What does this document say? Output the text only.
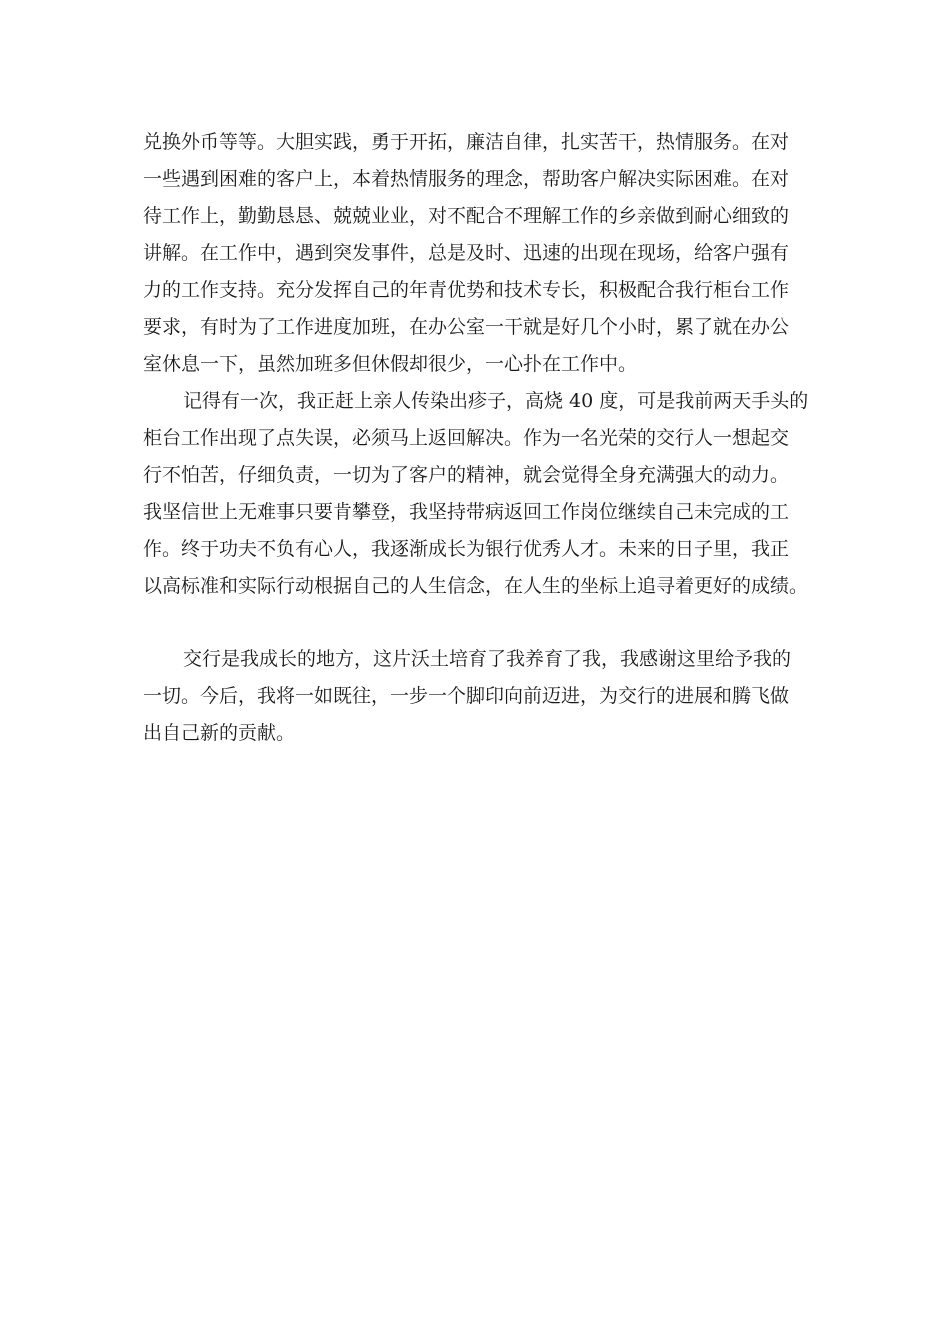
兑换外币等等。大胆实践，勇于开拓，廉洁自律，扎实苦干，热情服务。在对
一些遇到困难的客户上，本着热情服务的理念，帮助客户解决实际困难。在对
待工作上，勤勤恳恳、兢兢业业，对不配合不理解工作的乡亲做到耐心细致的
讲解。在工作中，遇到突发事件，总是及时、迅速的出现在现场，给客户强有
力的工作支持。充分发挥自己的年青优势和技术专长，积极配合我行柜台工作
要求，有时为了工作进度加班，在办公室一干就是好几个小时，累了就在办公
室休息一下，虽然加班多但休假却很少，一心扑在工作中。
记得有一次，我正赶上亲人传染出疹子，高烧 40 度，可是我前两天手头的
柜台工作出现了点失误，必须马上返回解决。作为一名光荣的交行人一想起交
行不怕苦，仔细负责，一切为了客户的精神，就会觉得全身充满强大的动力。
我坚信世上无难事只要肯攀登，我坚持带病返回工作岗位继续自己未完成的工
作。终于功夫不负有心人，我逐渐成长为银行优秀人才。未来的日子里，我正
以高标准和实际行动根据自己的人生信念，在人生的坐标上追寻着更好的成绩。
交行是我成长的地方，这片沃土培育了我养育了我，我感谢这里给予我的
一切。今后，我将一如既往，一步一个脚印向前迈进，为交行的进展和腾飞做
出自己新的贡献。
